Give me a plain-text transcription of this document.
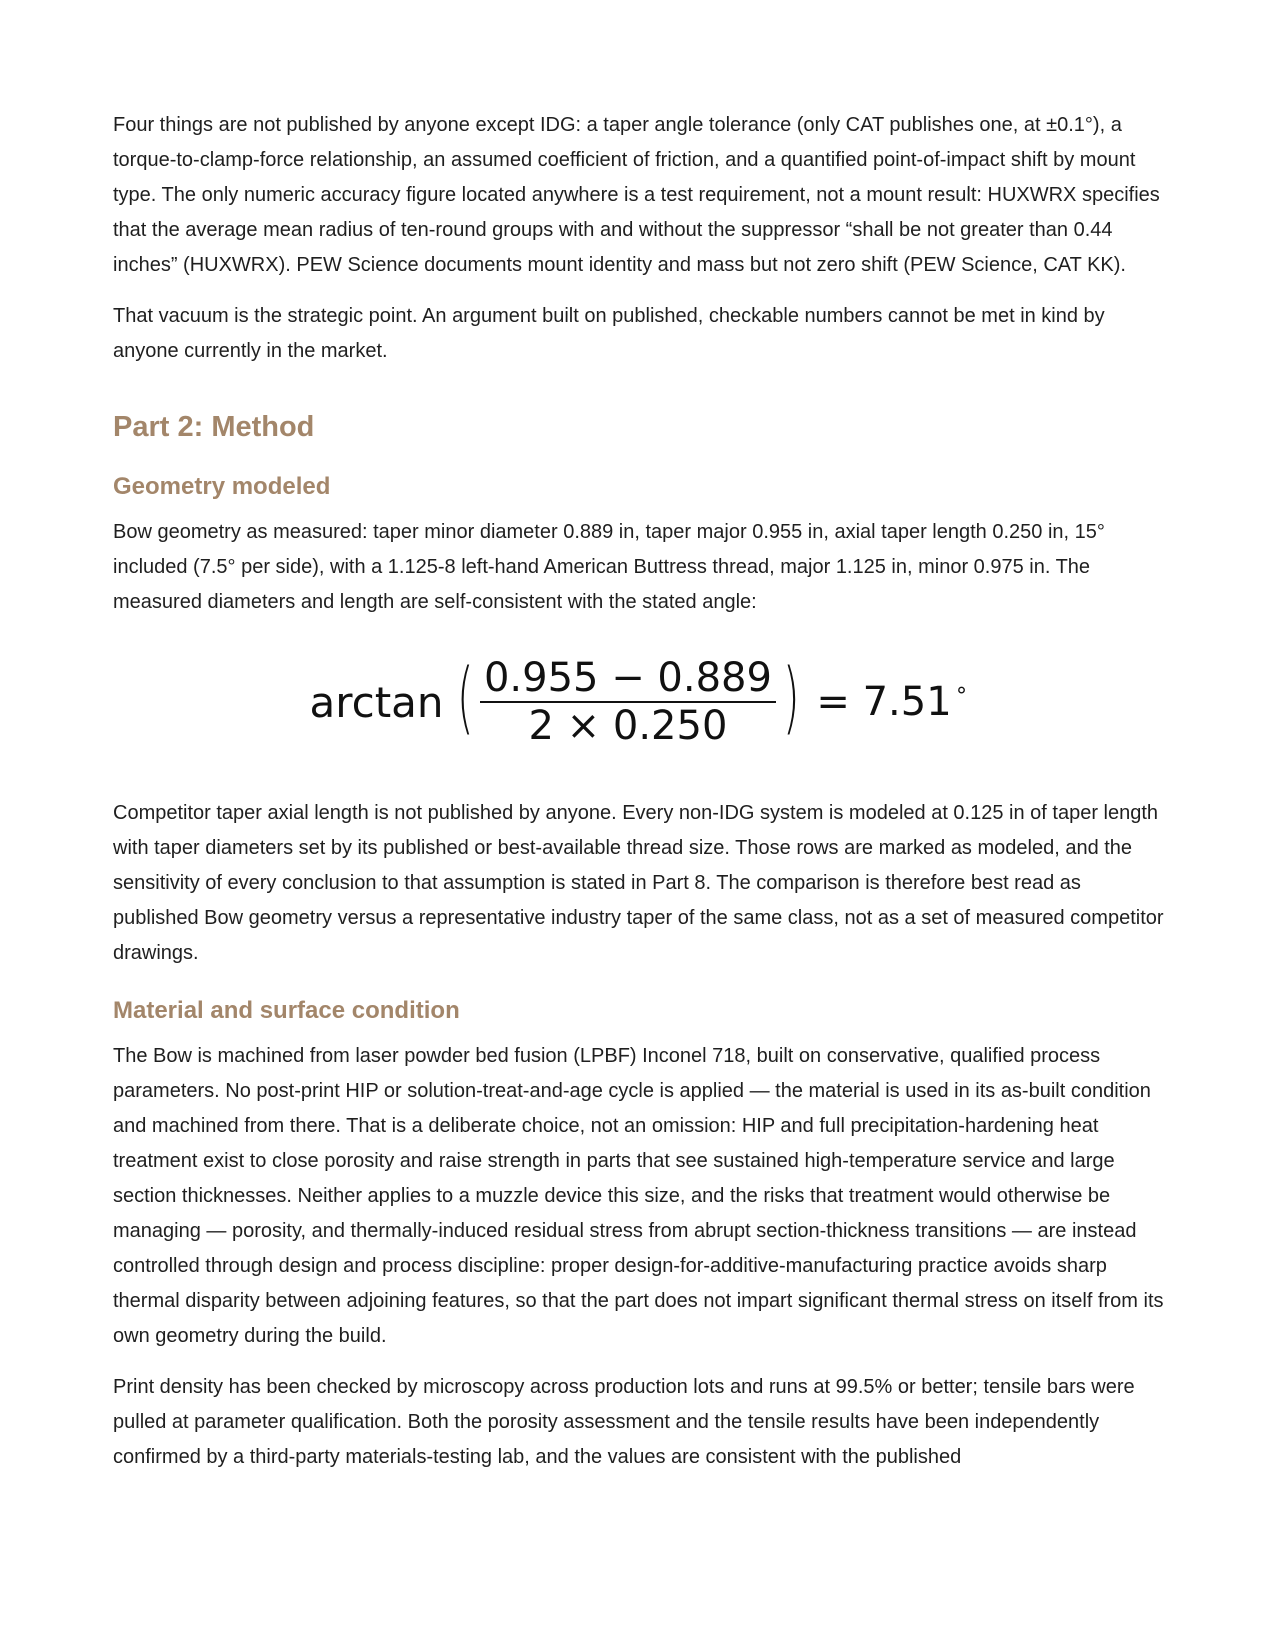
Four things are not published by anyone except IDG: a taper angle tolerance (only CAT publishes one, at ±0.1°), a torque-to-clamp-force relationship, an assumed coefficient of friction, and a quantified point-of-impact shift by mount type. The only numeric accuracy figure located anywhere is a test requirement, not a mount result: HUXWRX specifies that the average mean radius of ten-round groups with and without the suppressor “shall be not greater than 0.44 inches” (HUXWRX). PEW Science documents mount identity and mass but not zero shift (PEW Science, CAT KK).

That vacuum is the strategic point. An argument built on published, checkable numbers cannot be met in kind by anyone currently in the market.

Part 2: Method
Geometry modeled

Bow geometry as measured: taper minor diameter 0.889 in, taper major 0.955 in, axial taper length 0.250 in, 15° included (7.5° per side), with a 1.125-8 left-hand American Buttress thread, major 1.125 in, minor 0.975 in. The measured diameters and length are self-consistent with the stated angle:

arctan ( $\frac{0.955 - 0.889}{2 \times 0.250}$ ) = 7.51 ∘

Competitor taper axial length is not published by anyone. Every non-IDG system is modeled at 0.125 in of taper length with taper diameters set by its published or best-available thread size. Those rows are marked as modeled, and the sensitivity of every conclusion to that assumption is stated in Part 8. The comparison is therefore best read as published Bow geometry versus a representative industry taper of the same class, not as a set of measured competitor drawings.

Material and surface condition

The Bow is machined from laser powder bed fusion (LPBF) Inconel 718, built on conservative, qualified process parameters. No post-print HIP or solution-treat-and-age cycle is applied — the material is used in its as-built condition and machined from there. That is a deliberate choice, not an omission: HIP and full precipitation-hardening heat treatment exist to close porosity and raise strength in parts that see sustained high-temperature service and large section thicknesses. Neither applies to a muzzle device this size, and the risks that treatment would otherwise be managing — porosity, and thermally-induced residual stress from abrupt section-thickness transitions — are instead controlled through design and process discipline: proper design-for-additive-manufacturing practice avoids sharp thermal disparity between adjoining features, so that the part does not impart significant thermal stress on itself from its own geometry during the build.

Print density has been checked by microscopy across production lots and runs at 99.5% or better; tensile bars were pulled at parameter qualification. Both the porosity assessment and the tensile results have been independently confirmed by a third-party materials-testing lab, and the values are consistent with the published
